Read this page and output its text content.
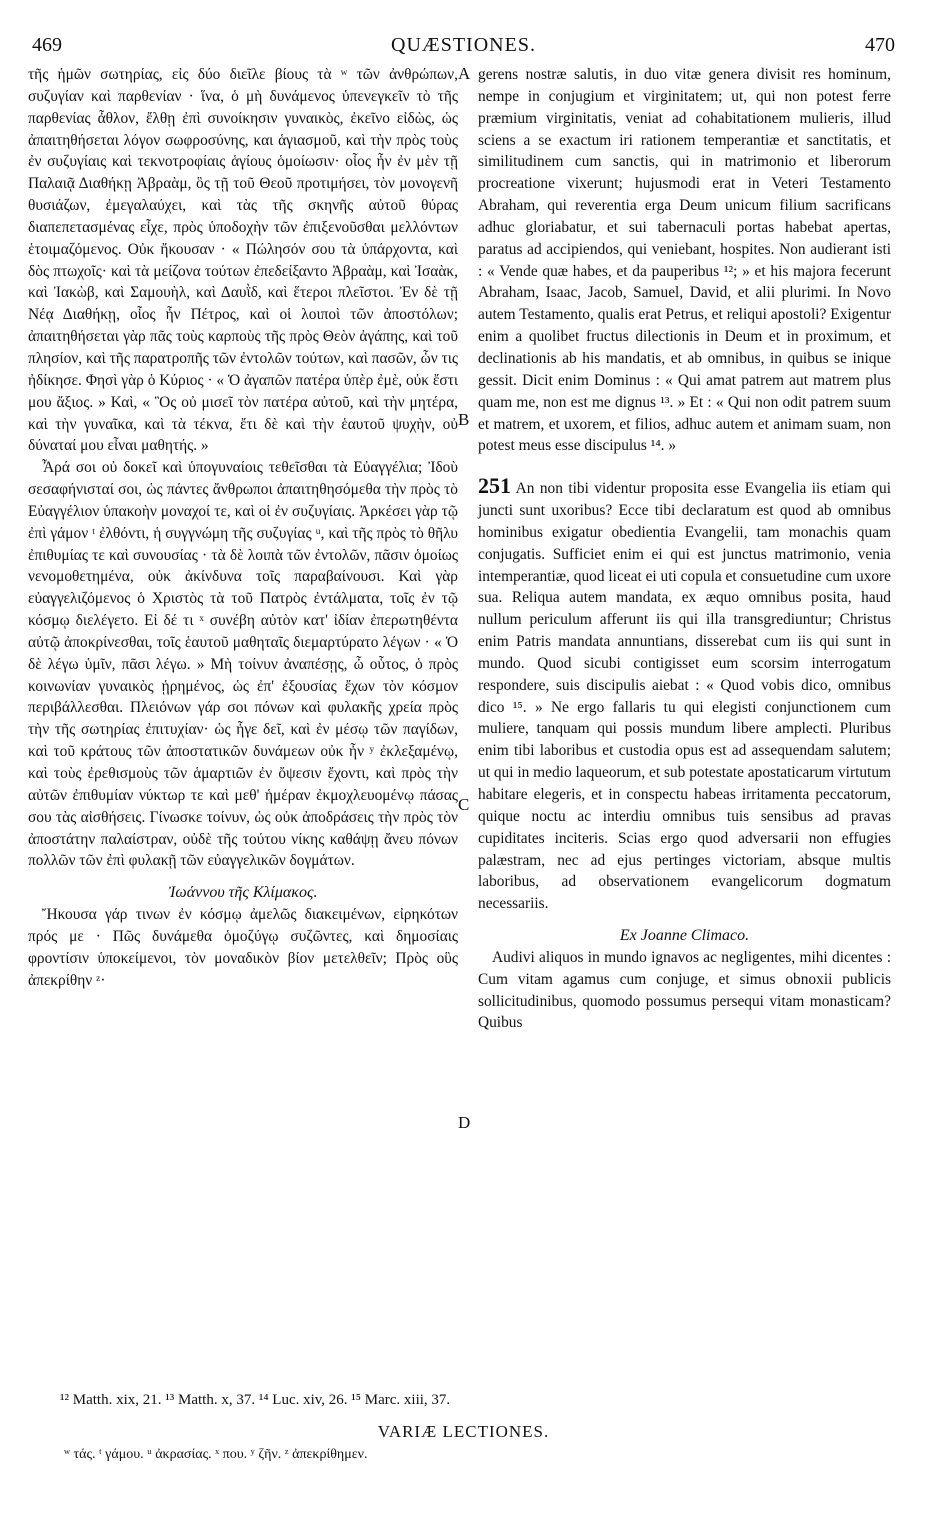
469	QUÆSTIONES.	470

τῆς ἡμῶν σωτηρίας, εἰς δύο διεῖλε βίους τὰ ʷ τῶν ἀνθρώπων, συζυγίαν καὶ παρθενίαν · ἵνα, ὁ μὴ δυνάμενος ὑπενεγκεῖν τὸ τῆς παρθενίας ἆθλον, ἔλθῃ ἐπὶ συνοίκησιν γυναικὸς, ἐκεῖνο εἰδὼς, ὡς ἀπαιτηθήσεται λόγον σωφροσύνης, και ἁγιασμοῦ, καὶ τὴν πρὸς τοὺς ἐν συζυγίαις καὶ τεκνοτροφίαις ἁγίους ὁμοίωσιν· οἷος ἦν ἐν μὲν τῇ Παλαιᾷ Διαθήκῃ Ἀβραὰμ, ὃς τῇ τοῦ Θεοῦ προτιμήσει, τὸν μονογενῆ θυσιάζων, ἐμεγαλαύχει, καὶ τὰς τῆς σκηνῆς αὐτοῦ θύρας διαπεπετασμένας εἶχε, πρὸς ὑποδοχὴν τῶν ἐπιξενοῦσθαι μελλόντων ἑτοιμαζόμενος. Οὐκ ἤκουσαν · « Πώλησόν σου τὰ ὑπάρχοντα, καὶ δὸς πτωχοῖς· καὶ τὰ μείζονα τούτων ἐπεδείξαντο Ἀβραὰμ, καὶ Ἰσαὰκ, καὶ Ἰακὼβ, καὶ Σαμουὴλ, καὶ Δαυῒδ, καὶ ἕτεροι πλεῖστοι. Ἐν δὲ τῇ Νέᾳ Διαθήκῃ, οἷος ἦν Πέτρος, καὶ οἱ λοιποὶ τῶν ἀποστόλων; ἀπαιτηθήσεται γὰρ πᾶς τοὺς καρποὺς τῆς πρὸς Θεὸν ἀγάπης, καὶ τοῦ πλησίον, καὶ τῆς παρατροπῆς τῶν ἐντολῶν τούτων, καὶ πασῶν, ὧν τις ἠδίκησε. Φησὶ γὰρ ὁ Κύριος · « Ὁ ἀγαπῶν πατέρα ὑπὲρ ἐμὲ, οὐκ ἔστι μου ἄξιος. » Καὶ, « Ὃς οὐ μισεῖ τὸν πατέρα αὐτοῦ, καὶ τὴν μητέρα, καὶ τὴν γυναῖκα, καὶ τὰ τέκνα, ἔτι δὲ καὶ τὴν ἑαυτοῦ ψυχὴν, οὐ δύναταί μου εἶναι μαθητής. »

Ἆρά σοι οὐ δοκεῖ καὶ ὑπογυναίοις τεθεῖσθαι τὰ Εὐαγγέλια; Ἰδοὺ σεσαφήνισταί σοι, ὡς πάντες ἄνθρωποι ἀπαιτηθησόμεθα τὴν πρὸς τὸ Εὐαγγέλιον ὑπακοὴν μοναχοί τε, καὶ οἱ ἐν συζυγίαις. Ἀρκέσει γὰρ τῷ ἐπὶ γάμον ᵗ ἐλθόντι, ἡ συγγνώμη τῆς συζυγίας ᵘ, καὶ τῆς πρὸς τὸ θῆλυ ἐπιθυμίας τε καὶ συνουσίας · τὰ δὲ λοιπὰ τῶν ἐντολῶν, πᾶσιν ὁμοίως νενομοθετημένα, οὐκ ἀκίνδυνα τοῖς παραβαίνουσι. Καὶ γὰρ εὐαγγελιζόμενος ὁ Χριστὸς τὰ τοῦ Πατρὸς ἐντάλματα, τοῖς ἐν τῷ κόσμῳ διελέγετο. Εἰ δέ τι ˣ συνέβη αὐτὸν κατ' ἰδίαν ἐπερωτηθέντα αὐτῷ ἀποκρίνεσθαι, τοῖς ἑαυτοῦ μαθηταῖς διεμαρτύρατο λέγων · « Ὁ δὲ λέγω ὑμῖν, πᾶσι λέγω. » Μὴ τοίνυν ἀναπέσῃς, ὦ οὗτος, ὁ πρὸς κοινωνίαν γυναικὸς ᾑρημένος, ὡς ἐπ' ἐξουσίας ἔχων τὸν κόσμον περιβάλλεσθαι. Πλειόνων γάρ σοι πόνων καὶ φυλακῆς χρεία πρὸς τὴν τῆς σωτηρίας ἐπιτυχίαν· ὡς ἦγε δεῖ, καὶ ἐν μέσῳ τῶν παγίδων, καὶ τοῦ κράτους τῶν ἀποστατικῶν δυνάμεων οὐκ ἦν ʸ ἐκλεξαμένῳ, καὶ τοὺς ἐρεθισμοὺς τῶν ἁμαρτιῶν ἐν ὄψεσιν ἔχοντι, καὶ πρὸς τὴν αὐτῶν ἐπιθυμίαν νύκτωρ τε καὶ μεθ' ἡμέραν ἐκμοχλευομένῳ πάσας σου τὰς αἰσθήσεις. Γίνωσκε τοίνυν, ὡς οὐκ ἀποδράσεις τὴν πρὸς τὸν ἀποστάτην παλαίστραν, οὐδὲ τῆς τούτου νίκης καθάψῃ ἄνευ πόνων πολλῶν τῶν ἐπὶ φυλακῇ τῶν εὐαγγελικῶν δογμάτων.

Ἰωάννου τῆς Κλίμακος.

Ἤκουσα γάρ τινων ἐν κόσμῳ ἀμελῶς διακειμένων, εἰρηκότων πρός με · Πῶς δυνάμεθα ὁμοζύγῳ συζῶντες, καὶ δημοσίαις φροντίσιν ὑποκείμενοι, τὸν μοναδικὸν βίον μετελθεῖν; Πρὸς οὓς ἀπεκρίθην ᶻ·

A
B
C
D

gerens nostræ salutis, in duo vitæ genera divisit res hominum, nempe in conjugium et virginitatem; ut, qui non potest ferre præmium virginitatis, veniat ad cohabitationem mulieris, illud sciens a se exactum iri rationem temperantiæ et sanctitatis, et similitudinem cum sanctis, qui in matrimonio et liberorum procreatione vixerunt; hujusmodi erat in Veteri Testamento Abraham, qui reverentia erga Deum unicum filium sacrificans adhuc gloriabatur, et sui tabernaculi portas habebat apertas, paratus ad accipiendos, qui veniebant, hospites. Non audierant isti : « Vende quæ habes, et da pauperibus ¹²; » et his majora fecerunt Abraham, Isaac, Jacob, Samuel, David, et alii plurimi. In Novo autem Testamento, qualis erat Petrus, et reliqui apostoli? Exigentur enim a quolibet fructus dilectionis in Deum et in proximum, et declinationis ab his mandatis, et ab omnibus, in quibus se inique gessit. Dicit enim Dominus : « Qui amat patrem aut matrem plus quam me, non est me dignus ¹³. » Et : « Qui non odit patrem suum et matrem, et uxorem, et filios, adhuc autem et animam suam, non potest meus esse discipulus ¹⁴. »

251 An non tibi videntur proposita esse Evangelia iis etiam qui juncti sunt uxoribus? Ecce tibi declaratum est quod ab omnibus hominibus exigatur obedientia Evangelii, tam monachis quam conjugatis. Sufficiet enim ei qui est junctus matrimonio, venia intemperantiæ, quod liceat ei uti copula et consuetudine cum uxore sua. Reliqua autem mandata, ex æquo omnibus posita, haud nullum periculum afferunt iis qui illa transgrediuntur; Christus enim Patris mandata annuntians, disserebat cum iis qui sunt in mundo. Quod sicubi contigisset eum scorsim interrogatum respondere, suis discipulis aiebat : « Quod vobis dico, omnibus dico ¹⁵. » Ne ergo fallaris tu qui elegisti conjunctionem cum muliere, tanquam qui possis mundum libere amplecti. Pluribus enim tibi laboribus et custodia opus est ad assequendam salutem; ut qui in medio laqueorum, et sub potestate apostaticarum virtutum habitare elegeris, et in conspectu habeas irritamenta peccatorum, quique noctu ac interdiu omnibus tuis sensibus ad pravas cupiditates inciteris. Scias ergo quod adversarii non effugies palæstram, nec ad ejus pertinges victoriam, absque multis laboribus, ad observationem evangelicorum dogmatum necessariis.

Ex Joanne Climaco.

Audivi aliquos in mundo ignavos ac negligentes, mihi dicentes : Cum vitam agamus cum conjuge, et simus obnoxii publicis sollicitudinibus, quomodo possumus persequi vitam monasticam? Quibus

¹² Matth. xix, 21. ¹³ Matth. x, 37. ¹⁴ Luc. xiv, 26. ¹⁵ Marc. xiii, 37.
VARIÆ LECTIONES.
ʷ τάς. ᵗ γάμου. ᵘ ἀκρασίας. ˣ που. ʸ ζῆν. ᶻ ἀπεκρίθημεν.
